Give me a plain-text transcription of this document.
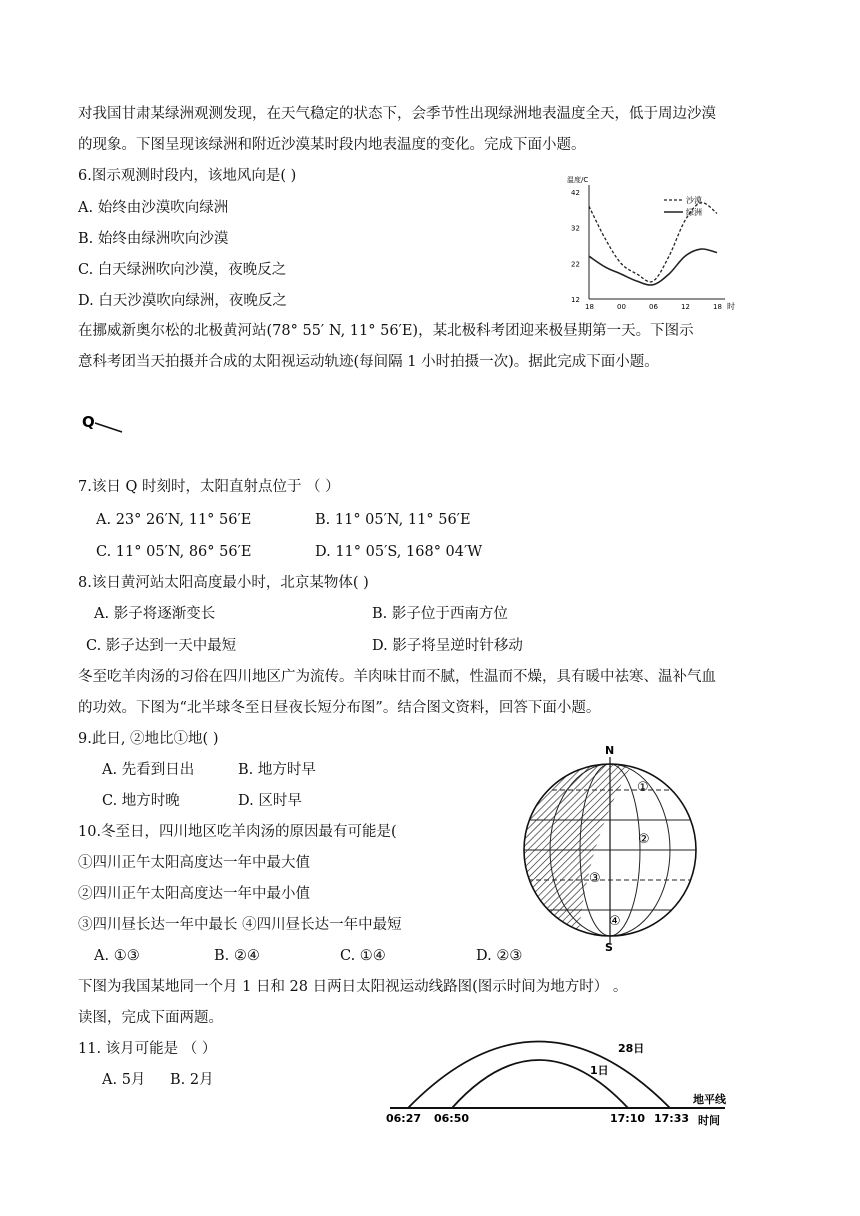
对我国甘肃某绿洲观测发现，在天气稳定的状态下，会季节性出现绿洲地表温度全天，低于周边沙漠
的现象。下图呈现该绿洲和附近沙漠某时段内地表温度的变化。完成下面小题。
6.图示观测时段内，该地风向是( )
A. 始终由沙漠吹向绿洲
B. 始终由绿洲吹向沙漠
C. 白天绿洲吹向沙漠，夜晚反之
D. 白天沙漠吹向绿洲，夜晚反之
温度/C
42
32
22
12
18	00	06	12	18 时
沙漠
绿洲
在挪威新奥尔松的北极黄河站(78° 55′ N, 11° 56′E)，某北极科考团迎来极昼期第一天。下图示
意科考团当天拍摄并合成的太阳视运动轨迹(每间隔 1 小时拍摄一次)。据此完成下面小题。
Q
7.该日 Q 时刻时，太阳直射点位于 （ ）
A. 23° 26′N, 11° 56′E	B. 11° 05′N, 11° 56′E
C. 11° 05′N, 86° 56′E	D. 11° 05′S, 168° 04′W
8.该日黄河站太阳高度最小时，北京某物体( )
A. 影子将逐渐变长	B. 影子位于西南方位
C. 影子达到一天中最短	D. 影子将呈逆时针移动
冬至吃羊肉汤的习俗在四川地区广为流传。羊肉味甘而不腻，性温而不燥，具有暖中祛寒、温补气血
的功效。下图为“北半球冬至日昼夜长短分布图”。结合图文资料，回答下面小题。
9.此日, ②地比①地( )
A. 先看到日出	B. 地方时早
C. 地方时晚	D. 区时早
10.冬至日，四川地区吃羊肉汤的原因最有可能是(
①四川正午太阳高度达一年中最大值
②四川正午太阳高度达一年中最小值
③四川昼长达一年中最长 ④四川昼长达一年中最短
A. ①③	B. ②④	C. ①④	D. ②③
N
S
①
②
③
④
下图为我国某地同一个月 1 日和 28 日两日太阳视运动线路图(图示时间为地方时） 。
读图，完成下面两题。
11. 该月可能是 （ ）
A. 5月 B. 2月
28日
1日
地平线
时间
06:27 06:50	17:10 17:33
